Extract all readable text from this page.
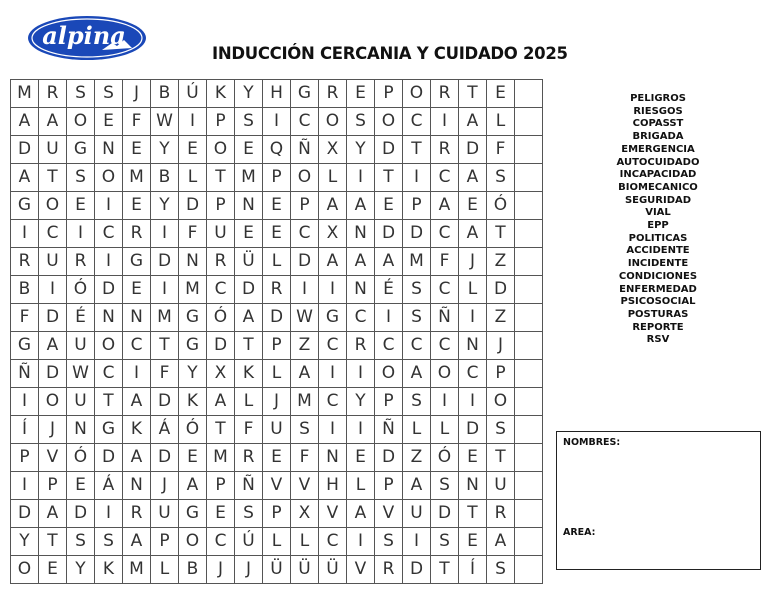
alpina
INDUCCIÓN CERCANIA Y CUIDADO 2025
M R S	S	J	B Ú K	Y H G R E	P O R T	E
A A O E	F W	I	P	S	I	C O S O C	I	A	L
D U G N E	Y	E O E Q Ñ X Y D T R D F
A T	S O M B	L	T M P O L	I	T	I	C A S
G O E	I	E	Y D P N E	P	A A E	P	A E Ó
I	C	I	C R	I	F U E	E C X N D D C A T
R U R	I	G D N R Ü	L D A A A M F	J	Z
B	I	Ó D E	I	M C D R	I	I	N É	S C	L D
F D É N N M G Ó A D W G C	I	S Ñ	I	Z
G A U O C T G D T	P	Z C R C C C N	J
Ñ D W C	I	F	Y X K	L	A	I	I	O A O C P
I	O U T A D K A	L	J	M C Y	P	S	I	I	O
Í	J	N G K Á Ó T	F U S	I	I	Ñ L	L D S
P	V Ó D A D E M R E	F N E D Z Ó E	T
I	P	E Á N	J	A	P Ñ V V H L	P	A S N U
D A D	I	R U G E	S	P	X V A V U D T R
Y	T	S	S A	P O C Ú	L	L	C	I	S	I	S	E A
O E	Y	K M L	B	J	J	Ü Ü Ü V R D T	Í	S
PELIGROS
RIESGOS
COPASST
BRIGADA
EMERGENCIA
AUTOCUIDADO
INCAPACIDAD
BIOMECANICO
SEGURIDAD
VIAL
EPP
POLITICAS
ACCIDENTE
INCIDENTE
CONDICIONES
ENFERMEDAD
PSICOSOCIAL
POSTURAS
REPORTE
RSV
NOMBRES:
AREA:
